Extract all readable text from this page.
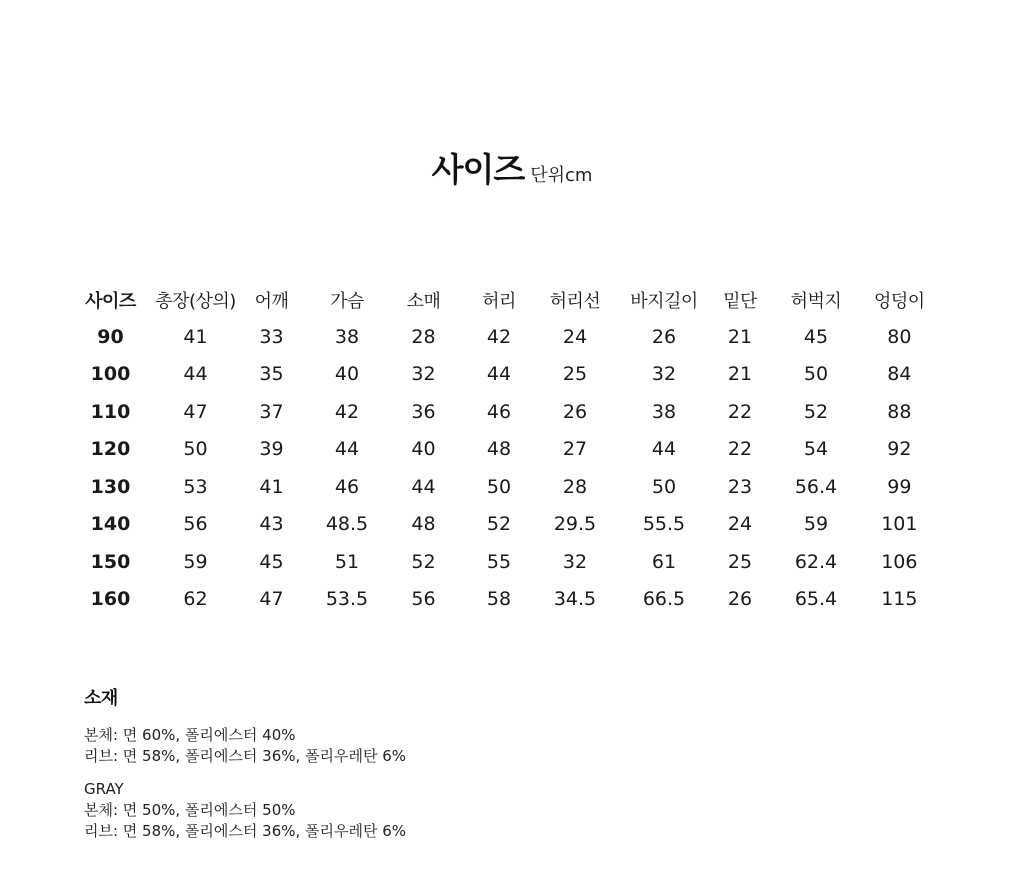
사이즈 단위cm
사이즈	총장(상의)	어깨	가슴	소매	허리	허리선	바지길이	밑단	허벅지	엉덩이
90	41	33	38	28	42	24	26	21	45	80
100	44	35	40	32	44	25	32	21	50	84
110	47	37	42	36	46	26	38	22	52	88
120	50	39	44	40	48	27	44	22	54	92
130	53	41	46	44	50	28	50	23	56.4	99
140	56	43	48.5	48	52	29.5	55.5	24	59	101
150	59	45	51	52	55	32	61	25	62.4	106
160	62	47	53.5	56	58	34.5	66.5	26	65.4	115
소재
본체: 면 60%, 폴리에스터 40%
리브: 면 58%, 폴리에스터 36%, 폴리우레탄 6%
GRAY
본체: 면 50%, 폴리에스터 50%
리브: 면 58%, 폴리에스터 36%, 폴리우레탄 6%
